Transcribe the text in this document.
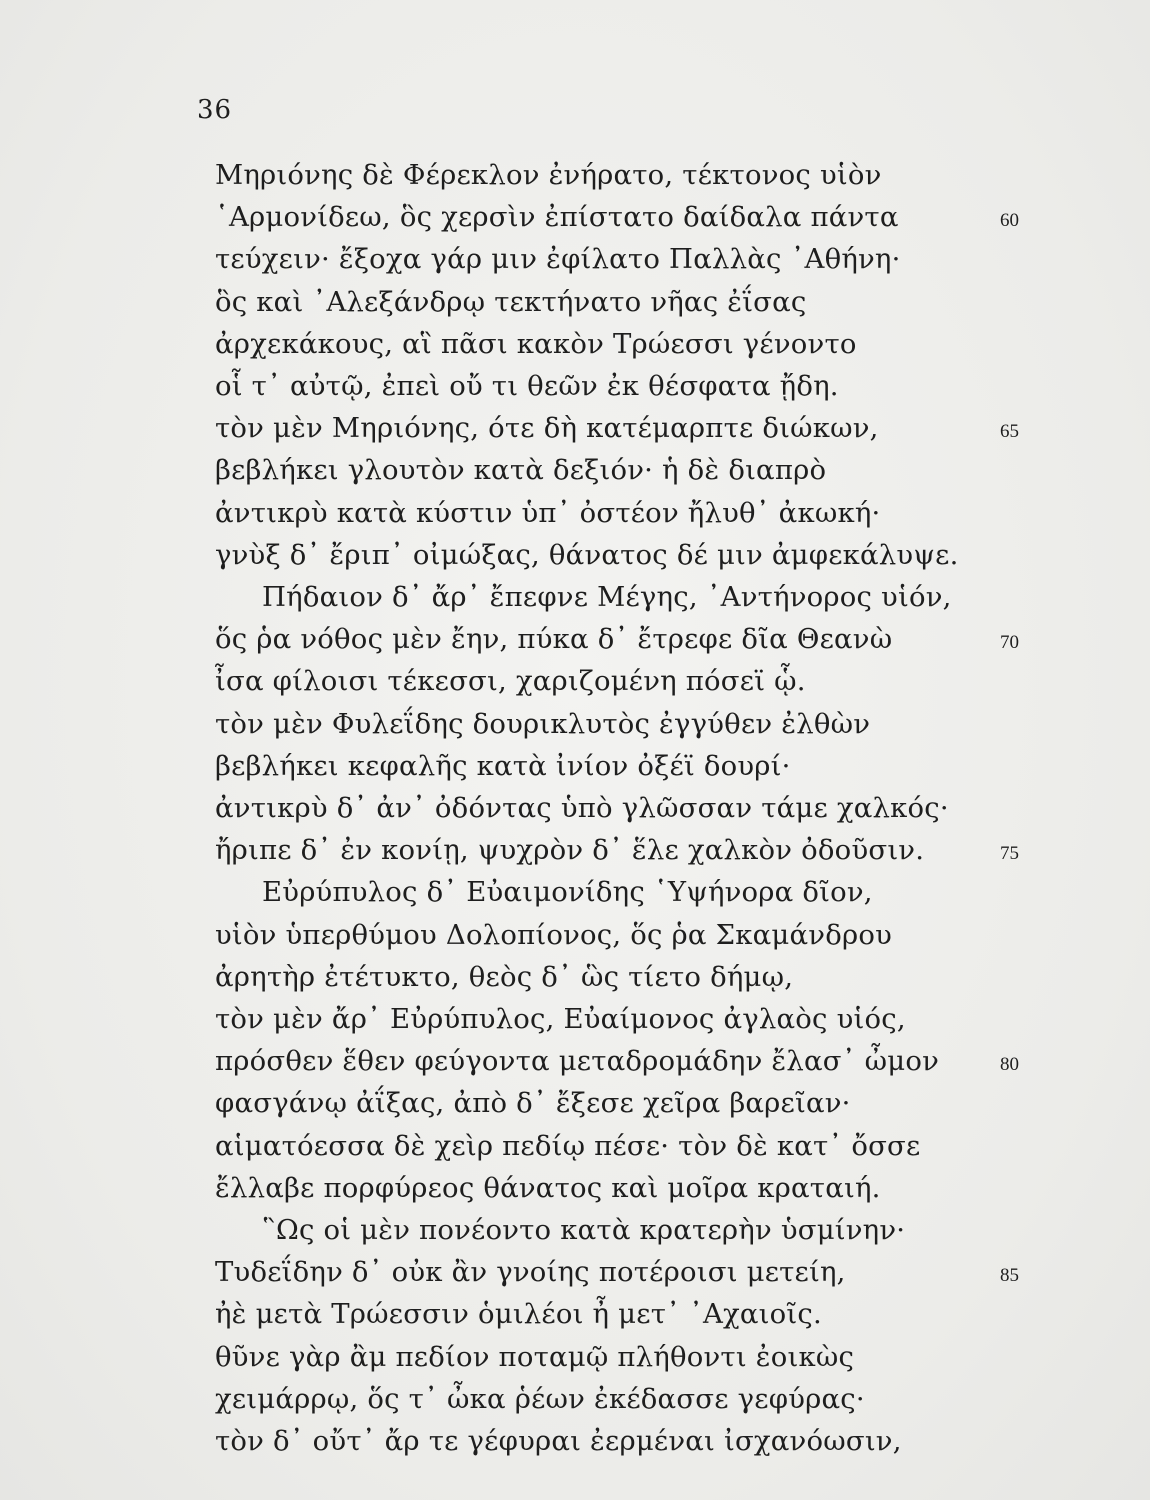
36
Μηριόνης δὲ Φέρεκλον ἐνήρατο, τέκτονος υἱὸν
῾Αρμονίδεω, ὃς χερσὶν ἐπίστατο δαίδαλα πάντα	60
τεύχειν· ἔξοχα γάρ μιν ἐφίλατο Παλλὰς ᾿Αθήνη·
ὃς καὶ ᾿Αλεξάνδρῳ τεκτήνατο νῆας ἐΐσας
ἀρχεκάκους, αἳ πᾶσι κακὸν Τρώεσσι γένοντο
οἷ τ᾿ αὐτῷ, ἐπεὶ οὔ τι θεῶν ἐκ θέσφατα ᾔδη.
τὸν μὲν Μηριόνης, ότε δὴ κατέμαρπτε διώκων,	65
βεβλήκει γλουτὸν κατὰ δεξιόν· ἡ δὲ διαπρὸ
ἀντικρὺ κατὰ κύστιν ὑπ᾿ ὀστέον ἤλυθ᾿ ἀκωκή·
γνὺξ δ᾿ ἔριπ᾿ οἰμώξας, θάνατος δέ μιν ἀμφεκάλυψε.
Πήδαιον δ᾿ ἄρ᾿ ἔπεφνε Μέγης, ᾿Αντήνορος υἱόν,
ὅς ῥα νόθος μὲν ἔην, πύκα δ᾿ ἔτρεφε δῖα Θεανὼ	70
ἶσα φίλοισι τέκεσσι, χαριζομένη πόσεϊ ᾧ.
τὸν μὲν Φυλεΐδης δουρικλυτὸς ἐγγύθεν ἐλθὼν
βεβλήκει κεφαλῆς κατὰ ἰνίον ὀξέϊ δουρί·
ἀντικρὺ δ᾿ ἀν᾿ ὀδόντας ὑπὸ γλῶσσαν τάμε χαλκός·
ἤριπε δ᾿ ἐν κονίῃ, ψυχρὸν δ᾿ ἕλε χαλκὸν ὀδοῦσιν.	75
Εὐρύπυλος δ᾿ Εὐαιμονίδης ῾Υψήνορα δῖον,
υἱὸν ὑπερθύμου Δολοπίονος, ὅς ῥα Σκαμάνδρου
ἀρητὴρ ἐτέτυκτο, θεὸς δ᾿ ὣς τίετο δήμῳ,
τὸν μὲν ἄρ᾿ Εὐρύπυλος, Εὐαίμονος ἀγλαὸς υἱός,
πρόσθεν ἕθεν φεύγοντα μεταδρομάδην ἔλασ᾿ ὦμον	80
φασγάνῳ ἀΐξας, ἀπὸ δ᾿ ἔξεσε χεῖρα βαρεῖαν·
αἱματόεσσα δὲ χεὶρ πεδίῳ πέσε· τὸν δὲ κατ᾿ ὄσσε
ἔλλαβε πορφύρεος θάνατος καὶ μοῖρα κραταιή.
῝Ως οἱ μὲν πονέοντο κατὰ κρατερὴν ὑσμίνην·
Τυδεΐδην δ᾿ οὐκ ἂν γνοίης ποτέροισι μετείη,	85
ἠὲ μετὰ Τρώεσσιν ὁμιλέοι ἦ μετ᾿ ᾿Αχαιοῖς.
θῦνε γὰρ ἂμ πεδίον ποταμῷ πλήθοντι ἐοικὼς
χειμάρρῳ, ὅς τ᾿ ὦκα ῥέων ἐκέδασσε γεφύρας·
τὸν δ᾿ οὔτ᾿ ἄρ τε γέφυραι ἐερμέναι ἰσχανόωσιν,
